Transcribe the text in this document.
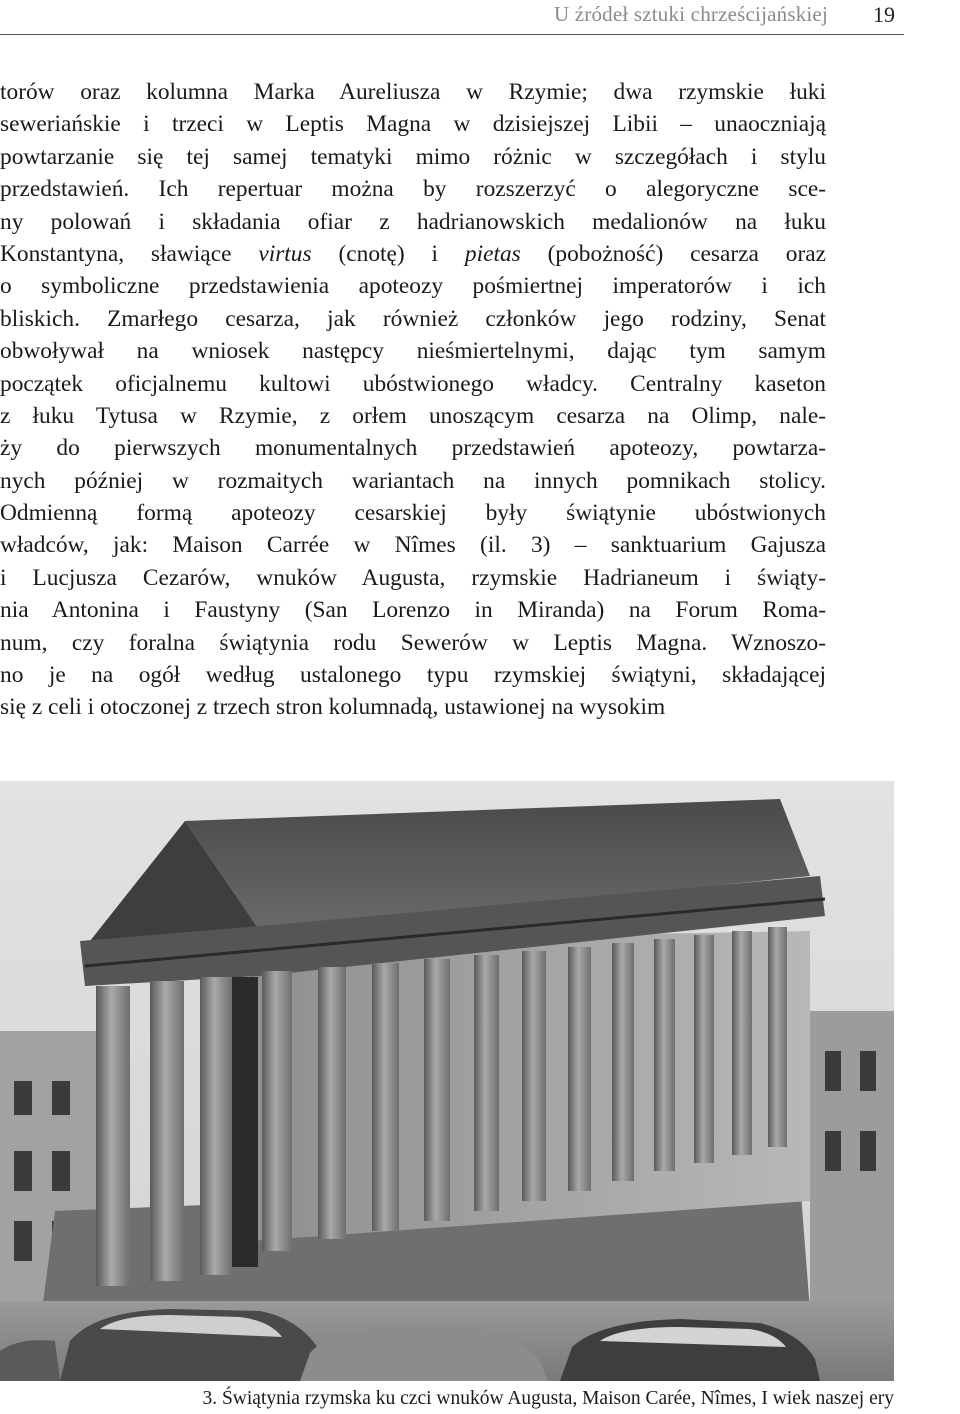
U źródeł sztuki chrześcijańskiej 19
torów oraz kolumna Marka Aureliusza w Rzymie; dwa rzymskie łuki
seweriańskie i trzeci w Leptis Magna w dzisiejszej Libii – unaoczniają
powtarzanie się tej samej tematyki mimo różnic w szczegółach i stylu
przedstawień. Ich repertuar można by rozszerzyć o alegoryczne sce-
ny polowań i składania ofiar z hadrianowskich medalionów na łuku
Konstantyna, sławiące virtus (cnotę) i pietas (pobożność) cesarza oraz
o symboliczne przedstawienia apoteozy pośmiertnej imperatorów i ich
bliskich. Zmarłego cesarza, jak również członków jego rodziny, Senat
obwoływał na wniosek następcy nieśmiertelnymi, dając tym samym
początek oficjalnemu kultowi ubóstwionego władcy. Centralny kaseton
z łuku Tytusa w Rzymie, z orłem unoszącym cesarza na Olimp, nale-
ży do pierwszych monumentalnych przedstawień apoteozy, powtarza-
nych później w rozmaitych wariantach na innych pomnikach stolicy.
Odmienną formą apoteozy cesarskiej były świątynie ubóstwionych
władców, jak: Maison Carrée w Nîmes (il. 3) – sanktuarium Gajusza
i Lucjusza Cezarów, wnuków Augusta, rzymskie Hadrianeum i świąty-
nia Antonina i Faustyny (San Lorenzo in Miranda) na Forum Roma-
num, czy foralna świątynia rodu Sewerów w Leptis Magna. Wznoszo-
no je na ogół według ustalonego typu rzymskiej świątyni, składającej
się z celi i otoczonej z trzech stron kolumnadą, ustawionej na wysokim
3. Świątynia rzymska ku czci wnuków Augusta, Maison Carée, Nîmes, I wiek naszej ery
